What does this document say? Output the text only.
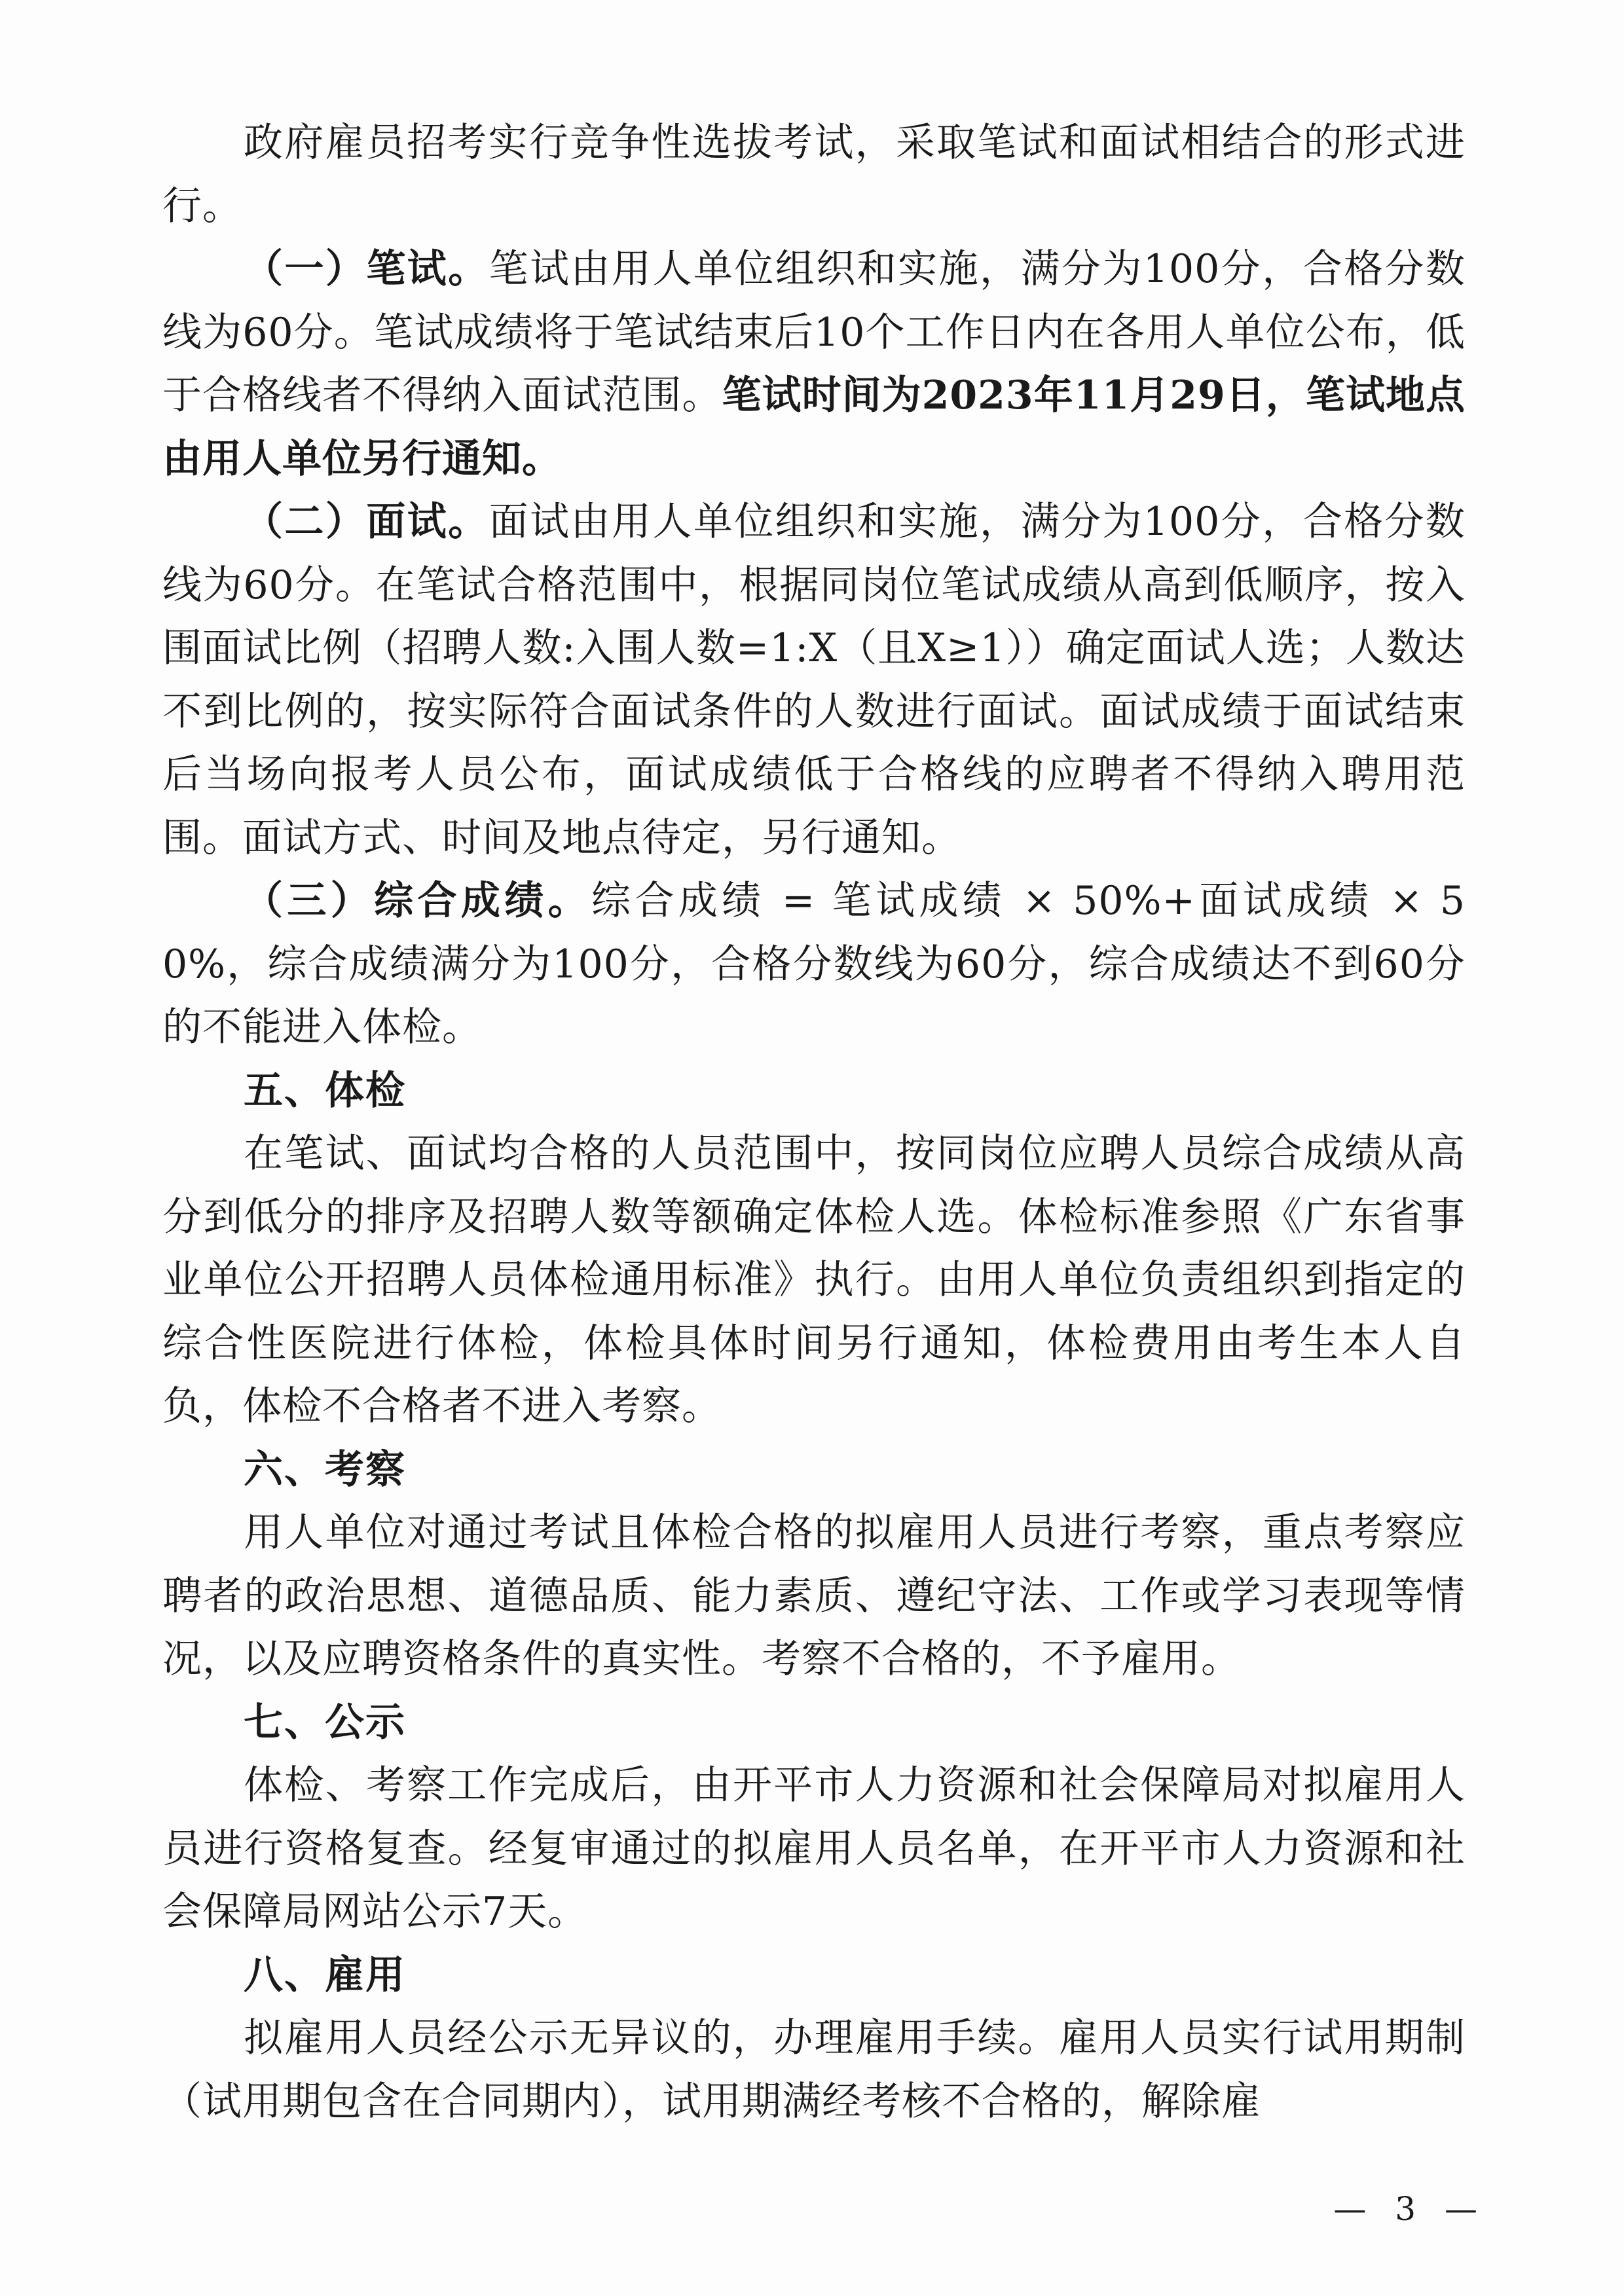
政府雇员招考实行竞争性选拔考试，采取笔试和面试相结合的形式进行。

（一）笔试。笔试由用人单位组织和实施，满分为100分，合格分数线为60分。笔试成绩将于笔试结束后10个工作日内在各用人单位公布，低于合格线者不得纳入面试范围。笔试时间为2023年11月29日，笔试地点由用人单位另行通知。

（二）面试。面试由用人单位组织和实施，满分为100分，合格分数线为60分。在笔试合格范围中，根据同岗位笔试成绩从高到低顺序，按入围面试比例（招聘人数:入围人数=1:X（且X≥1））确定面试人选；人数达不到比例的，按实际符合面试条件的人数进行面试。面试成绩于面试结束后当场向报考人员公布，面试成绩低于合格线的应聘者不得纳入聘用范围。面试方式、时间及地点待定，另行通知。

（三）综合成绩。综合成绩 = 笔试成绩 × 50%+面试成绩 × 50%，综合成绩满分为100分，合格分数线为60分，综合成绩达不到60分的不能进入体检。

五、体检

在笔试、面试均合格的人员范围中，按同岗位应聘人员综合成绩从高分到低分的排序及招聘人数等额确定体检人选。体检标准参照《广东省事业单位公开招聘人员体检通用标准》执行。由用人单位负责组织到指定的综合性医院进行体检，体检具体时间另行通知，体检费用由考生本人自负，体检不合格者不进入考察。

六、考察

用人单位对通过考试且体检合格的拟雇用人员进行考察，重点考察应聘者的政治思想、道德品质、能力素质、遵纪守法、工作或学习表现等情况，以及应聘资格条件的真实性。考察不合格的，不予雇用。

七、公示

体检、考察工作完成后，由开平市人力资源和社会保障局对拟雇用人员进行资格复查。经复审通过的拟雇用人员名单，在开平市人力资源和社会保障局网站公示7天。

八、雇用

拟雇用人员经公示无异议的，办理雇用手续。雇用人员实行试用期制（试用期包含在合同期内），试用期满经考核不合格的，解除雇

— 3 —
